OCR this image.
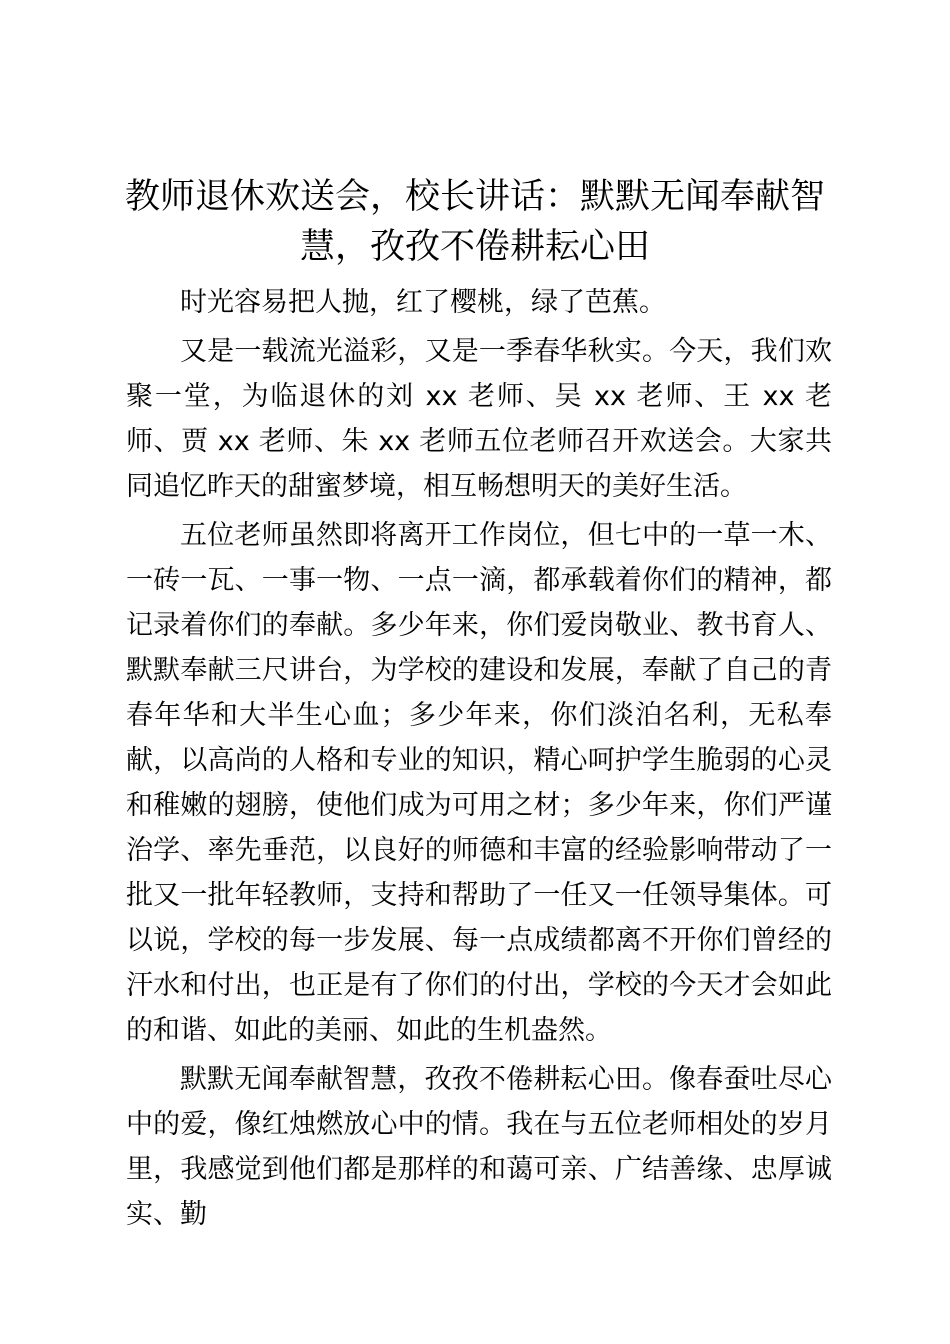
教师退休欢送会，校长讲话：默默无闻奉献智慧，孜孜不倦耕耘心田

时光容易把人抛，红了樱桃，绿了芭蕉。

又是一载流光溢彩，又是一季春华秋实。今天，我们欢聚一堂，为临退休的刘 xx 老师、吴 xx 老师、王 xx 老师、贾 xx 老师、朱 xx 老师五位老师召开欢送会。大家共同追忆昨天的甜蜜梦境，相互畅想明天的美好生活。

五位老师虽然即将离开工作岗位，但七中的一草一木、一砖一瓦、一事一物、一点一滴，都承载着你们的精神，都记录着你们的奉献。多少年来，你们爱岗敬业、教书育人、默默奉献三尺讲台，为学校的建设和发展，奉献了自己的青春年华和大半生心血；多少年来，你们淡泊名利，无私奉献，以高尚的人格和专业的知识，精心呵护学生脆弱的心灵和稚嫩的翅膀，使他们成为可用之材；多少年来，你们严谨治学、率先垂范，以良好的师德和丰富的经验影响带动了一批又一批年轻教师，支持和帮助了一任又一任领导集体。可以说，学校的每一步发展、每一点成绩都离不开你们曾经的汗水和付出，也正是有了你们的付出，学校的今天才会如此的和谐、如此的美丽、如此的生机盎然。

默默无闻奉献智慧，孜孜不倦耕耘心田。像春蚕吐尽心中的爱，像红烛燃放心中的情。我在与五位老师相处的岁月里，我感觉到他们都是那样的和蔼可亲、广结善缘、忠厚诚实、勤
